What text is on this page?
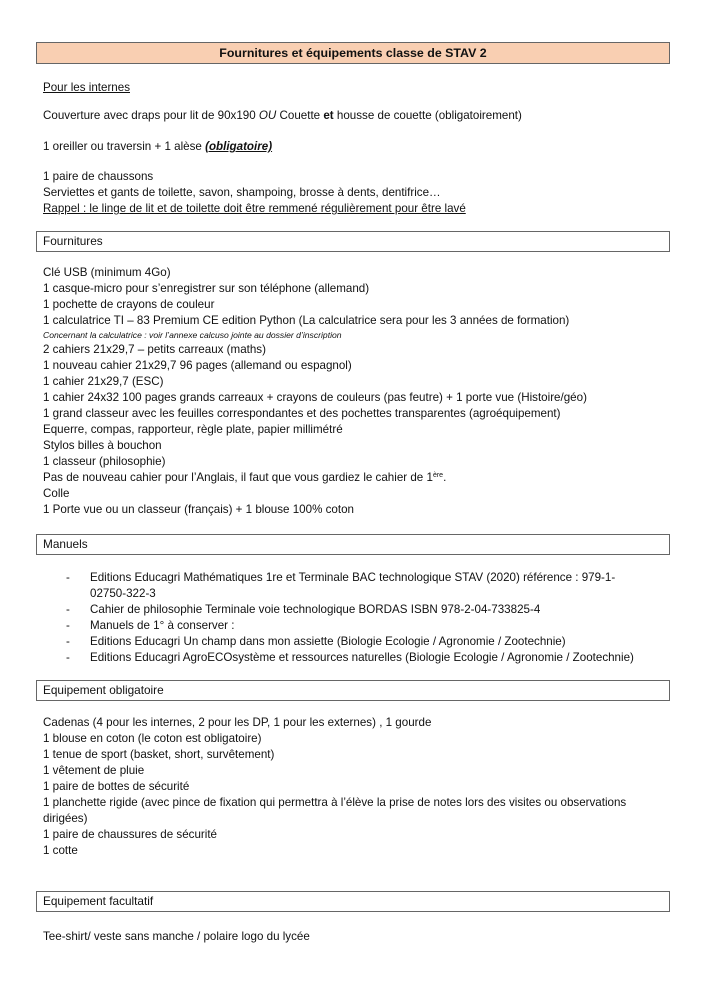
Fournitures et équipements classe de STAV 2
Pour les internes
Couverture avec draps pour lit de 90x190 OU Couette et housse de couette (obligatoirement)
1 oreiller ou traversin + 1 alèse (obligatoire)
1 paire de chaussons
Serviettes et gants de toilette, savon, shampoing, brosse à dents, dentifrice…
Rappel : le linge de lit et de toilette doit être remmené régulièrement pour être lavé
Fournitures
Clé USB (minimum 4Go)
1 casque-micro pour s’enregistrer sur son téléphone (allemand)
1 pochette de crayons de couleur
1 calculatrice TI – 83 Premium CE edition Python (La calculatrice sera pour les 3 années de formation)
Concernant la calculatrice : voir l’annexe calcuso jointe au dossier d’inscription
2 cahiers 21x29,7 – petits carreaux (maths)
1 nouveau cahier 21x29,7 96 pages (allemand ou espagnol)
1 cahier 21x29,7 (ESC)
1 cahier 24x32 100 pages grands carreaux + crayons de couleurs (pas feutre) + 1 porte vue (Histoire/géo)
1 grand classeur avec les feuilles correspondantes et des pochettes transparentes (agroéquipement)
Equerre, compas, rapporteur, règle plate, papier millimétré
Stylos billes à bouchon
1 classeur (philosophie)
Pas de nouveau cahier pour l’Anglais, il faut que vous gardiez le cahier de 1ère.
Colle
1 Porte vue ou un classeur (français) + 1 blouse 100% coton
Manuels
- Editions Educagri Mathématiques 1re et Terminale BAC technologique STAV (2020) référence : 979-1-
02750-322-3
- Cahier de philosophie Terminale voie technologique BORDAS ISBN 978-2-04-733825-4
- Manuels de 1° à conserver :
- Editions Educagri Un champ dans mon assiette (Biologie Ecologie / Agronomie / Zootechnie)
- Editions Educagri AgroECOsystème et ressources naturelles (Biologie Ecologie / Agronomie / Zootechnie)
Equipement obligatoire
Cadenas (4 pour les internes, 2 pour les DP, 1 pour les externes) , 1 gourde
1 blouse en coton (le coton est obligatoire)
1 tenue de sport (basket, short, survêtement)
1 vêtement de pluie
1 paire de bottes de sécurité
1 planchette rigide (avec pince de fixation qui permettra à l’élève la prise de notes lors des visites ou observations
dirigées)
1 paire de chaussures de sécurité
1 cotte
Equipement facultatif
Tee-shirt/ veste sans manche / polaire logo du lycée
